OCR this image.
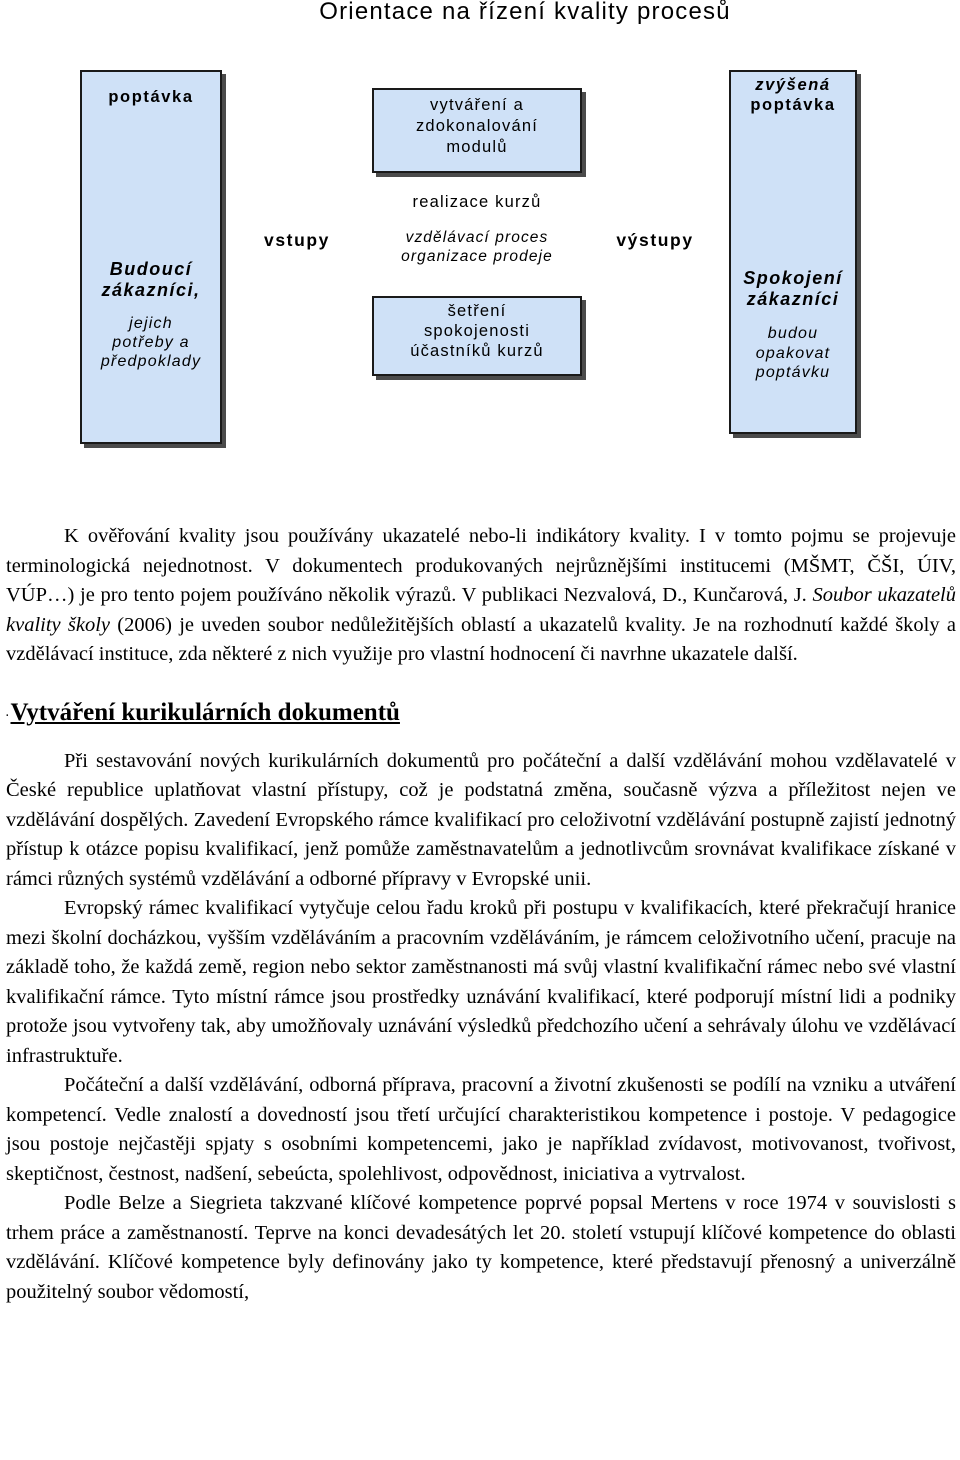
Orientace na řízení kvality procesů
poptávka
Budoucí
zákazníci,
jejich
potřeby a
předpoklady
vstupy
vytváření a
zdokonalování
modulů
realizace kurzů
vzdělávací proces
organizace prodeje
šetření
spokojenosti
účastníků kurzů
výstupy
zvýšená
poptávka
Spokojení
zákazníci
budou
opakovat
poptávku

K ověřování kvality jsou používány ukazatelé nebo-li indikátory kvality. I v tomto pojmu se projevuje terminologická nejednotnost. V dokumentech produkovaných nejrůznějšími institucemi (MŠMT, ČŠI, ÚIV, VÚP…) je pro tento pojem používáno několik výrazů. V publikaci Nezvalová, D., Kunčarová, J. Soubor ukazatelů kvality školy (2006) je uveden soubor nedůležitějších oblastí a ukazatelů kvality. Je na rozhodnutí každé školy a vzdělávací instituce, zda některé z nich využije pro vlastní hodnocení či navrhne ukazatele další.

.Vytváření kurikulárních dokumentů

Při sestavování nových kurikulárních dokumentů pro počáteční a další vzdělávání mohou vzdělavatelé v České republice uplatňovat vlastní přístupy, což je podstatná změna, současně výzva a příležitost nejen ve vzdělávání dospělých. Zavedení Evropského rámce kvalifikací pro celoživotní vzdělávání postupně zajistí jednotný přístup k otázce popisu kvalifikací, jenž pomůže zaměstnavatelům a jednotlivcům srovnávat kvalifikace získané v rámci různých systémů vzdělávání a odborné přípravy v Evropské unii.

Evropský rámec kvalifikací vytyčuje celou řadu kroků při postupu v kvalifikacích, které překračují hranice mezi školní docházkou, vyšším vzděláváním a pracovním vzděláváním, je rámcem celoživotního učení, pracuje na základě toho, že každá země, region nebo sektor zaměstnanosti má svůj vlastní kvalifikační rámec nebo své vlastní kvalifikační rámce. Tyto místní rámce jsou prostředky uznávání kvalifikací, které podporují místní lidi a podniky protože jsou vytvořeny tak, aby umožňovaly uznávání výsledků předchozího učení a sehrávaly úlohu ve vzdělávací infrastruktuře.

Počáteční a další vzdělávání, odborná příprava, pracovní a životní zkušenosti se podílí na vzniku a utváření kompetencí. Vedle znalostí a dovedností jsou třetí určující charakteristikou kompetence i postoje. V pedagogice jsou postoje nejčastěji spjaty s osobními kompetencemi, jako je například zvídavost, motivovanost, tvořivost, skeptičnost, čestnost, nadšení, sebeúcta, spolehlivost, odpovědnost, iniciativa a vytrvalost.

Podle Belze a Siegrieta takzvané klíčové kompetence poprvé popsal Mertens v roce 1974 v souvislosti s trhem práce a zaměstnaností. Teprve na konci devadesátých let 20. století vstupují klíčové kompetence do oblasti vzdělávání. Klíčové kompetence byly definovány jako ty kompetence, které představují přenosný a univerzálně použitelný soubor vědomostí,
